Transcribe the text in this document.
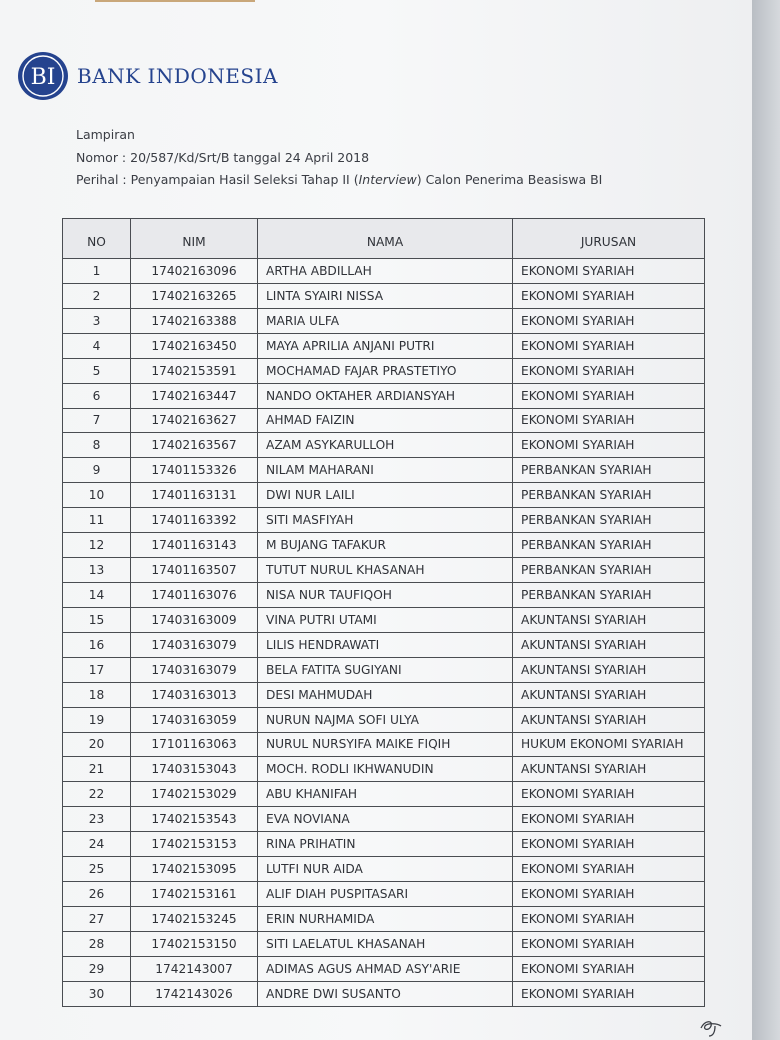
BI BANK INDONESIA
Lampiran
Nomor : 20/587/Kd/Srt/B tanggal 24 April 2018
Perihal : Penyampaian Hasil Seleksi Tahap II (Interview) Calon Penerima Beasiswa BI
NO	NIM	NAMA	JURUSAN
1	17402163096	ARTHA ABDILLAH	EKONOMI SYARIAH
2	17402163265	LINTA SYAIRI NISSA	EKONOMI SYARIAH
3	17402163388	MARIA ULFA	EKONOMI SYARIAH
4	17402163450	MAYA APRILIA ANJANI PUTRI	EKONOMI SYARIAH
5	17402153591	MOCHAMAD FAJAR PRASTETIYO	EKONOMI SYARIAH
6	17402163447	NANDO OKTAHER ARDIANSYAH	EKONOMI SYARIAH
7	17402163627	AHMAD FAIZIN	EKONOMI SYARIAH
8	17402163567	AZAM ASYKARULLOH	EKONOMI SYARIAH
9	17401153326	NILAM MAHARANI	PERBANKAN SYARIAH
10	17401163131	DWI NUR LAILI	PERBANKAN SYARIAH
11	17401163392	SITI MASFIYAH	PERBANKAN SYARIAH
12	17401163143	M BUJANG TAFAKUR	PERBANKAN SYARIAH
13	17401163507	TUTUT NURUL KHASANAH	PERBANKAN SYARIAH
14	17401163076	NISA NUR TAUFIQOH	PERBANKAN SYARIAH
15	17403163009	VINA PUTRI UTAMI	AKUNTANSI SYARIAH
16	17403163079	LILIS HENDRAWATI	AKUNTANSI SYARIAH
17	17403163079	BELA FATITA SUGIYANI	AKUNTANSI SYARIAH
18	17403163013	DESI MAHMUDAH	AKUNTANSI SYARIAH
19	17403163059	NURUN NAJMA SOFI ULYA	AKUNTANSI SYARIAH
20	17101163063	NURUL NURSYIFA MAIKE FIQIH	HUKUM EKONOMI SYARIAH
21	17403153043	MOCH. RODLI IKHWANUDIN	AKUNTANSI SYARIAH
22	17402153029	ABU KHANIFAH	EKONOMI SYARIAH
23	17402153543	EVA NOVIANA	EKONOMI SYARIAH
24	17402153153	RINA PRIHATIN	EKONOMI SYARIAH
25	17402153095	LUTFI NUR AIDA	EKONOMI SYARIAH
26	17402153161	ALIF DIAH PUSPITASARI	EKONOMI SYARIAH
27	17402153245	ERIN NURHAMIDA	EKONOMI SYARIAH
28	17402153150	SITI LAELATUL KHASANAH	EKONOMI SYARIAH
29	1742143007	ADIMAS AGUS AHMAD ASY'ARIE	EKONOMI SYARIAH
30	1742143026	ANDRE DWI SUSANTO	EKONOMI SYARIAH
